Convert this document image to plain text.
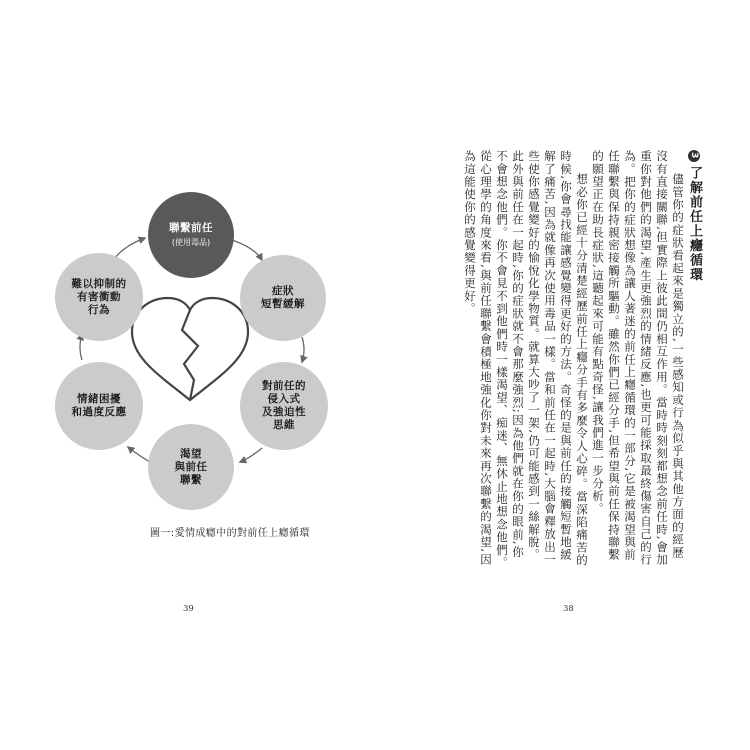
聯繫前任
(使用毒品)
症狀
短暫緩解
對前任的
侵入式
及強迫性
思維
渴望
與前任
聯繫
情緒困擾
和過度反應
難以抑制的
有害衝動
行為
圖一:愛情成癮中的對前任上癮循環
39
3了解前任上癮循環

儘管你的症狀看起來是獨立的,一些感知或行為似乎與其他方面的經歷沒有直接關聯,但實際上彼此間仍相互作用。當時時刻刻都想念前任時,會加重你對他們的渴望,產生更強烈的情緒反應,也更可能採取最終傷害自己的行為。把你的症狀想像為讓人著迷的前任上癮循環的一部分,它是被渴望與前任聯繫與保持親密接觸所驅動。雖然你們已經分手,但希望與前任保持聯繫的願望正在助長症狀,這聽起來可能有點奇怪,讓我們進一步分析。

想必你已經十分清楚經歷前任上癮分手有多麼令人心碎。當深陷痛苦的時候,你會尋找能讓感覺變得更好的方法。奇怪的是與前任的接觸短暫地緩解了痛苦,因為就像再次使用毒品一樣。當和前任在一起時,大腦會釋放出一些使你感覺變好的愉悅化學物質。就算大吵了一架,仍可能感到一絲解脫。此外與前任在一起時,你的症狀就不會那麼強烈;因為他們就在你的眼前,你不會想念他們。你不會見不到他們時一樣渴望、痴迷、無休止地想念他們。從心理學的角度來看,與前任聯繫會積極地強化你對未來再次聯繫的渴望,因為這能使你的感覺變得更好。

38
